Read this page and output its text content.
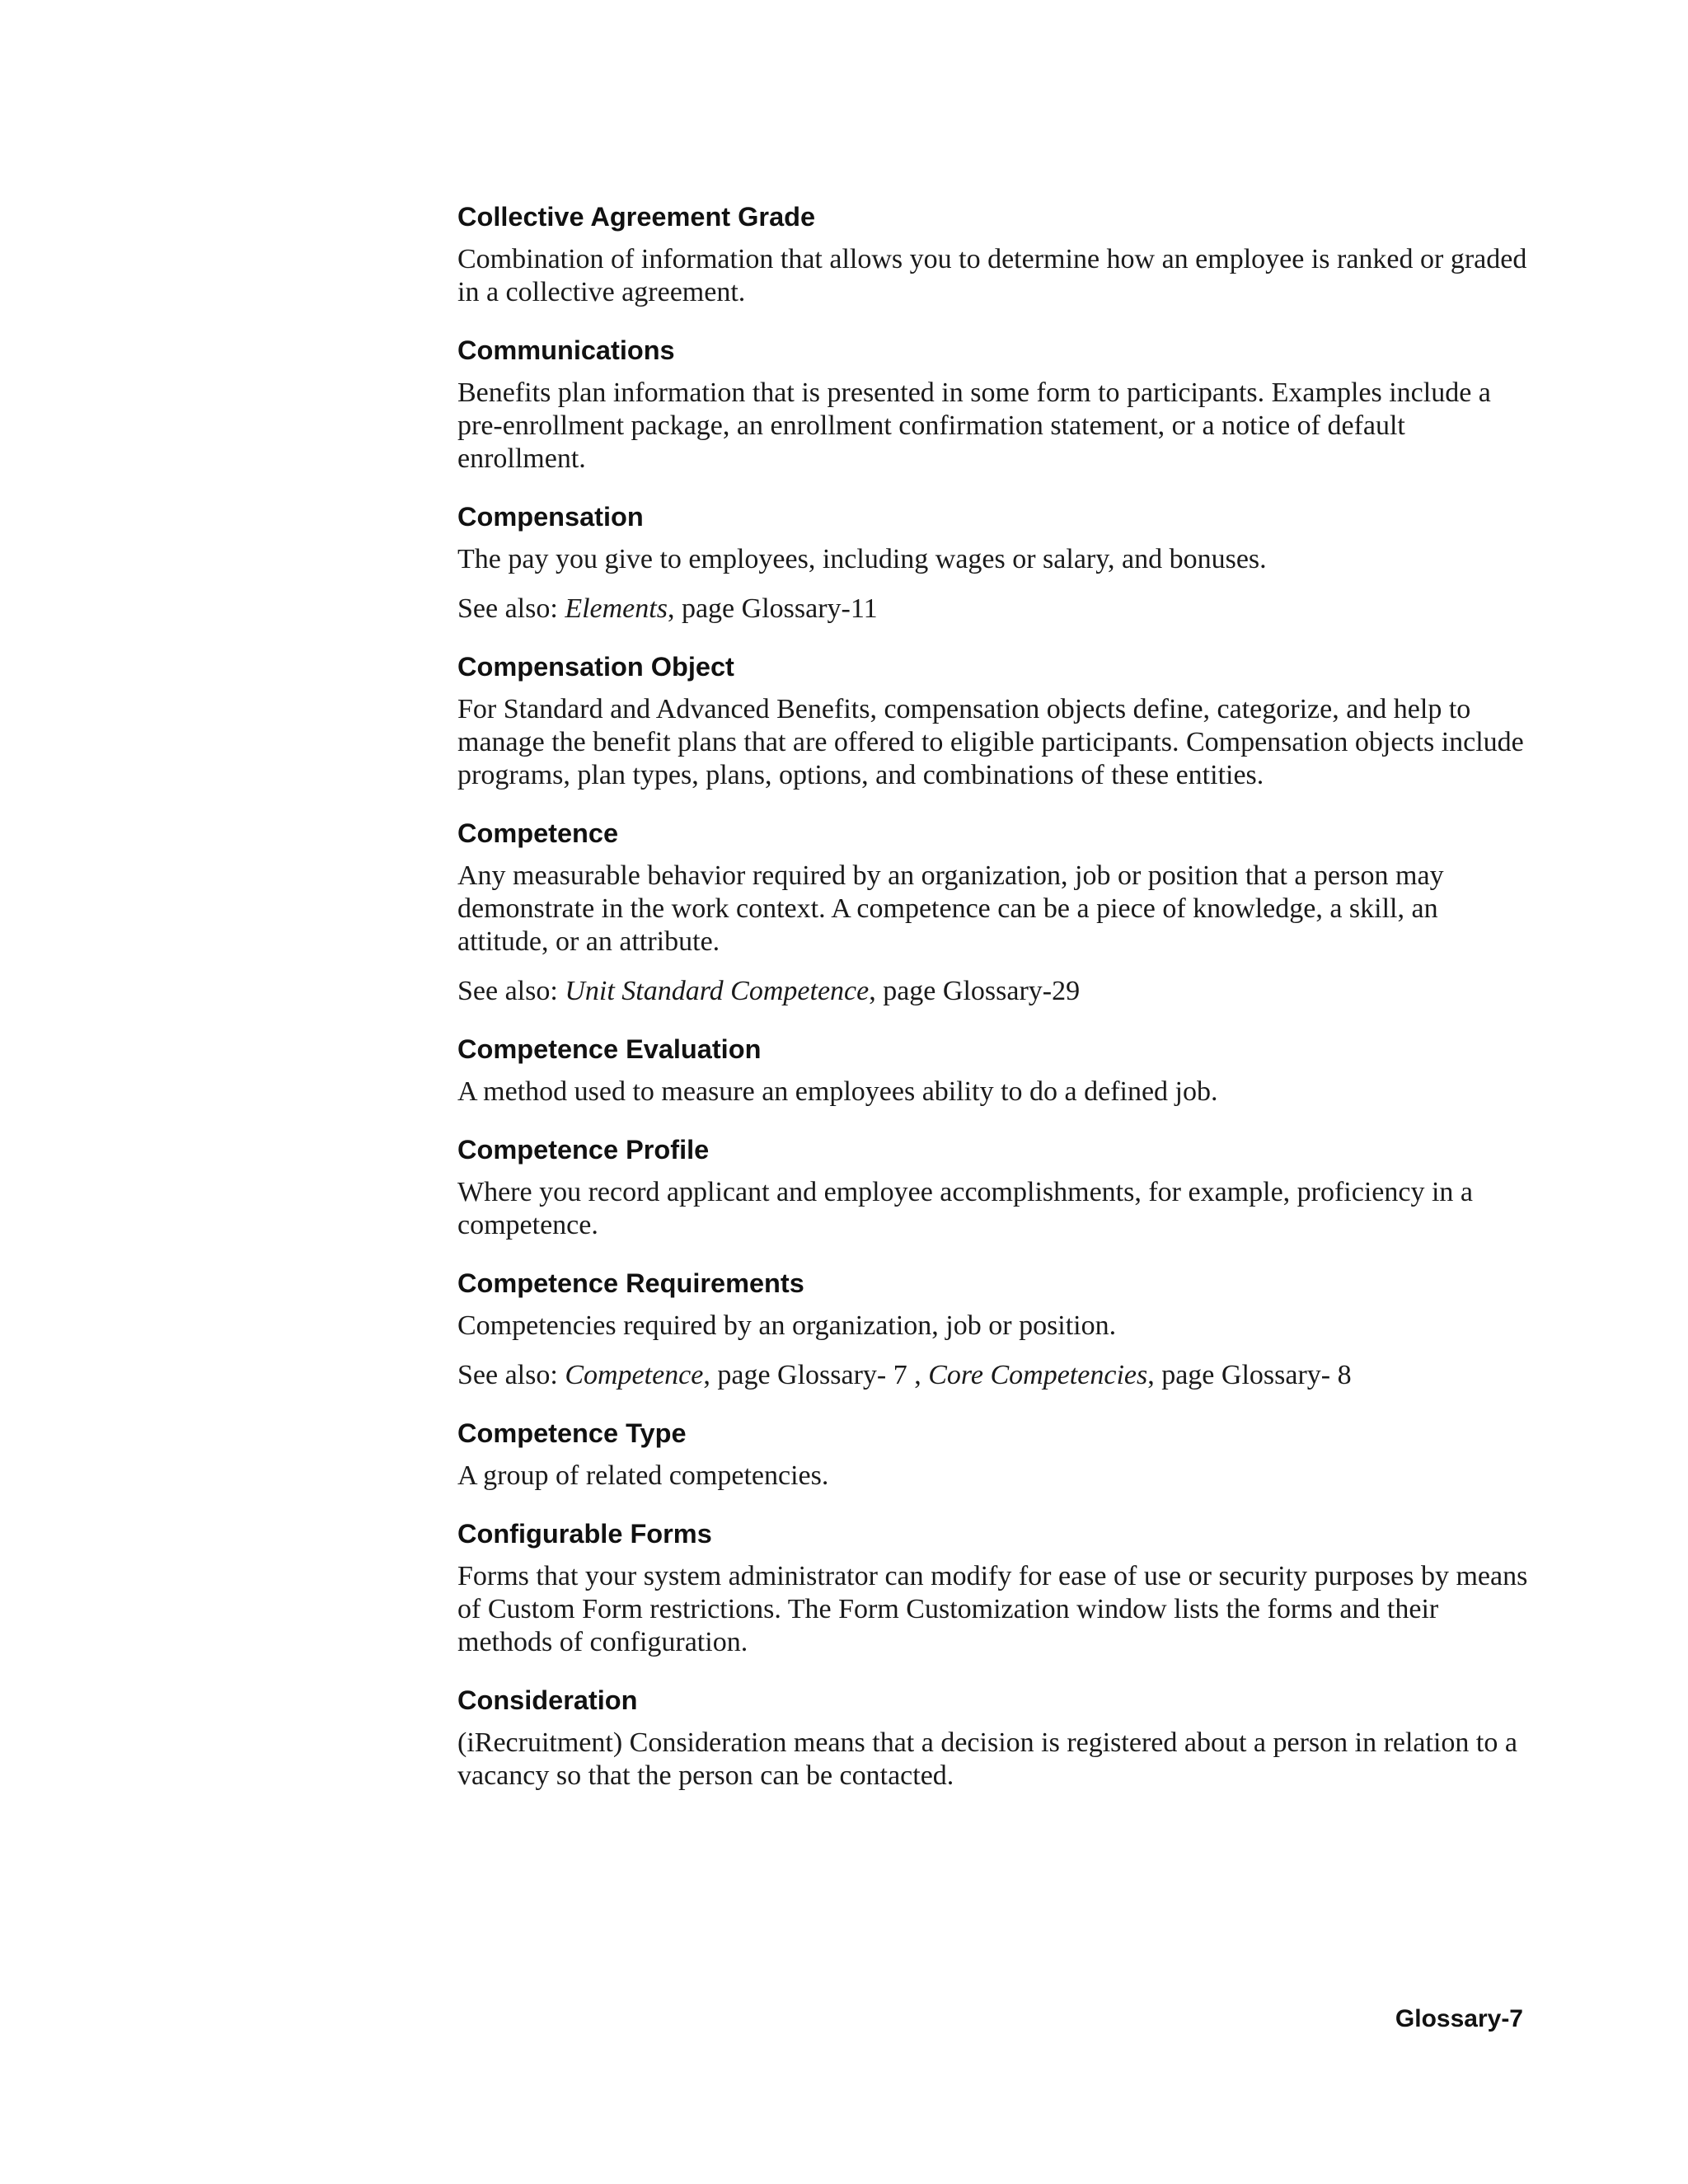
Collective Agreement Grade

Combination of information that allows you to determine how an employee is ranked or graded in a collective agreement.

Communications

Benefits plan information that is presented in some form to participants. Examples include a pre-enrollment package, an enrollment confirmation statement, or a notice of default enrollment.

Compensation

The pay you give to employees, including wages or salary, and bonuses.

See also: Elements, page Glossary-11

Compensation Object

For Standard and Advanced Benefits, compensation objects define, categorize, and help to manage the benefit plans that are offered to eligible participants. Compensation objects include programs, plan types, plans, options, and combinations of these entities.

Competence

Any measurable behavior required by an organization, job or position that a person may demonstrate in the work context. A competence can be a piece of knowledge, a skill, an attitude, or an attribute.

See also: Unit Standard Competence, page Glossary-29

Competence Evaluation

A method used to measure an employees ability to do a defined job.

Competence Profile

Where you record applicant and employee accomplishments, for example, proficiency in a competence.

Competence Requirements

Competencies required by an organization, job or position.

See also: Competence, page Glossary- 7 , Core Competencies, page Glossary- 8

Competence Type

A group of related competencies.

Configurable Forms

Forms that your system administrator can modify for ease of use or security purposes by means of Custom Form restrictions. The Form Customization window lists the forms and their methods of configuration.

Consideration

(iRecruitment) Consideration means that a decision is registered about a person in relation to a vacancy so that the person can be contacted.

Glossary-7
